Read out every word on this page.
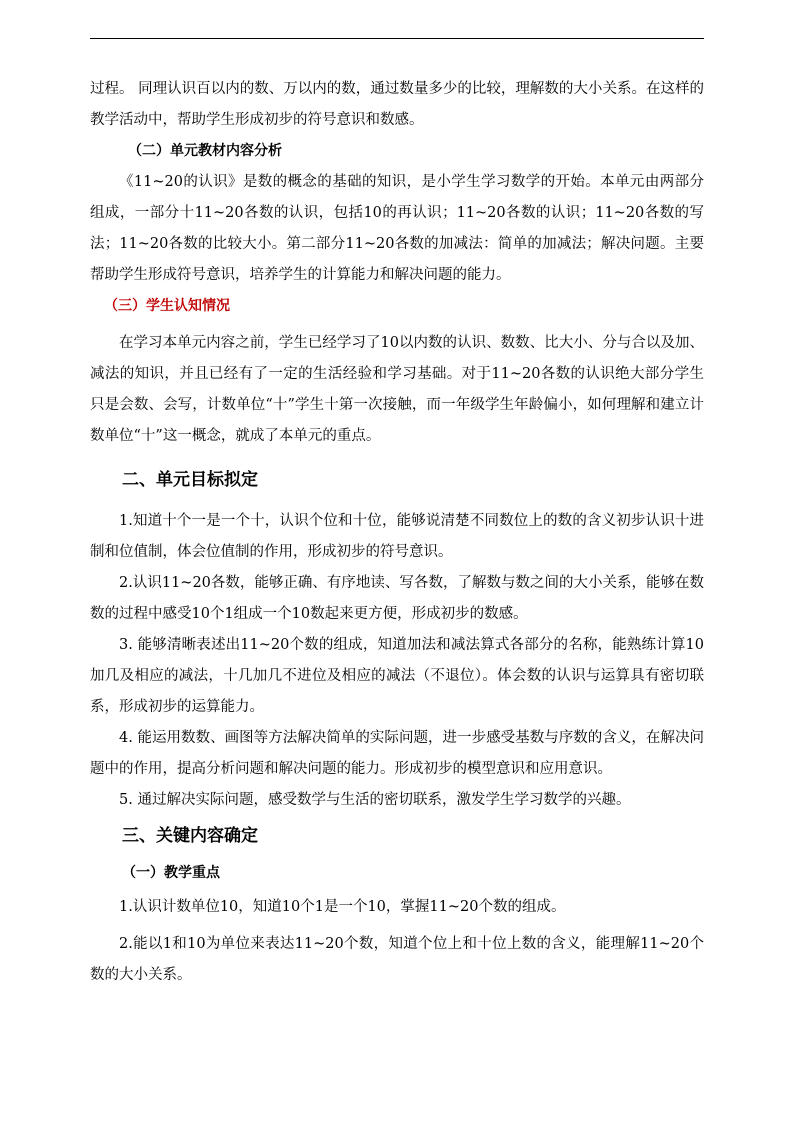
过程。 同理认识百以内的数、万以内的数，通过数量多少的比较，理解数的大小关系。在这样的教学活动中，帮助学生形成初步的符号意识和数感。

（二）单元教材内容分析

《11~20的认识》是数的概念的基础的知识，是小学生学习数学的开始。本单元由两部分组成，一部分十11~20各数的认识，包括10的再认识；11~20各数的认识；11~20各数的写法；11~20各数的比较大小。第二部分11~20各数的加减法：简单的加减法；解决问题。主要帮助学生形成符号意识，培养学生的计算能力和解决问题的能力。

（三）学生认知情况

在学习本单元内容之前，学生已经学习了10以内数的认识、数数、比大小、分与合以及加、减法的知识，并且已经有了一定的生活经验和学习基础。对于11~20各数的认识绝大部分学生只是会数、会写，计数单位“十”学生十第一次接触，而一年级学生年龄偏小，如何理解和建立计数单位“十”这一概念，就成了本单元的重点。

二、单元目标拟定

1.知道十个一是一个十，认识个位和十位，能够说清楚不同数位上的数的含义初步认识十进制和位值制，体会位值制的作用，形成初步的符号意识。

2.认识11~20各数，能够正确、有序地读、写各数，了解数与数之间的大小关系，能够在数数的过程中感受10个1组成一个10数起来更方便，形成初步的数感。

3. 能够清晰表述出11~20个数的组成，知道加法和减法算式各部分的名称，能熟练计算10加几及相应的减法，十几加几不进位及相应的减法（不退位）。体会数的认识与运算具有密切联系，形成初步的运算能力。

4. 能运用数数、画图等方法解决简单的实际问题，进一步感受基数与序数的含义，在解决问题中的作用，提高分析问题和解决问题的能力。形成初步的模型意识和应用意识。

5. 通过解决实际问题，感受数学与生活的密切联系，激发学生学习数学的兴趣。

三、关键内容确定

（一）教学重点

1.认识计数单位10，知道10个1是一个10，掌握11~20个数的组成。

2.能以1和10为单位来表达11~20个数，知道个位上和十位上数的含义，能理解11~20个数的大小关系。
